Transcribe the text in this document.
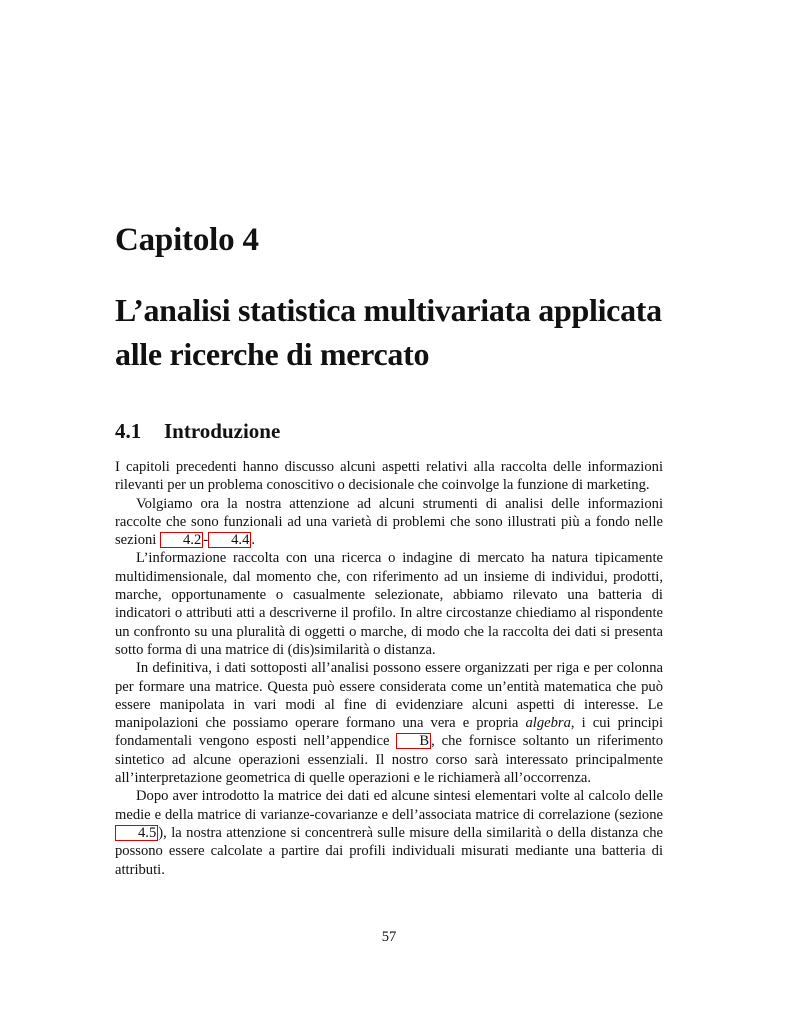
Capitolo 4
L’analisi statistica multivariata applicata alle ricerche di mercato
4.1 Introduzione

I capitoli precedenti hanno discusso alcuni aspetti relativi alla raccolta delle informazioni rilevanti per un problema conoscitivo o decisionale che coinvolge la funzione di marketing.

Volgiamo ora la nostra attenzione ad alcuni strumenti di analisi delle informazioni raccolte che sono funzionali ad una varietà di problemi che sono illustrati più a fondo nelle sezioni 4.2 - 4.4 .

L’informazione raccolta con una ricerca o indagine di mercato ha natura tipicamente multidimensionale, dal momento che, con riferimento ad un insieme di individui, prodotti, marche, opportunamente o casualmente selezionate, abbiamo rilevato una batteria di indicatori o attributi atti a descriverne il profilo. In altre circostanze chiediamo al rispondente un confronto su una pluralità di oggetti o marche, di modo che la raccolta dei dati si presenta sotto forma di una matrice di (dis)similarità o distanza.

In definitiva, i dati sottoposti all’analisi possono essere organizzati per riga e per colonna per formare una matrice. Questa può essere considerata come un’entità matematica che può essere manipolata in vari modi al fine di evidenziare alcuni aspetti di interesse. Le manipolazioni che possiamo operare formano una vera e propria algebra, i cui principi fondamentali vengono esposti nell’appendice B , che fornisce soltanto un riferimento sintetico ad alcune operazioni essenziali. Il nostro corso sarà interessato principalmente all’interpretazione geometrica di quelle operazioni e le richiamerà all’occorrenza.

Dopo aver introdotto la matrice dei dati ed alcune sintesi elementari volte al calcolo delle medie e della matrice di varianze-covarianze e dell’associata matrice di correlazione (sezione 4.5 ), la nostra attenzione si concentrerà sulle misure della similarità o della distanza che possono essere calcolate a partire dai profili individuali misurati mediante una batteria di attributi.

57
